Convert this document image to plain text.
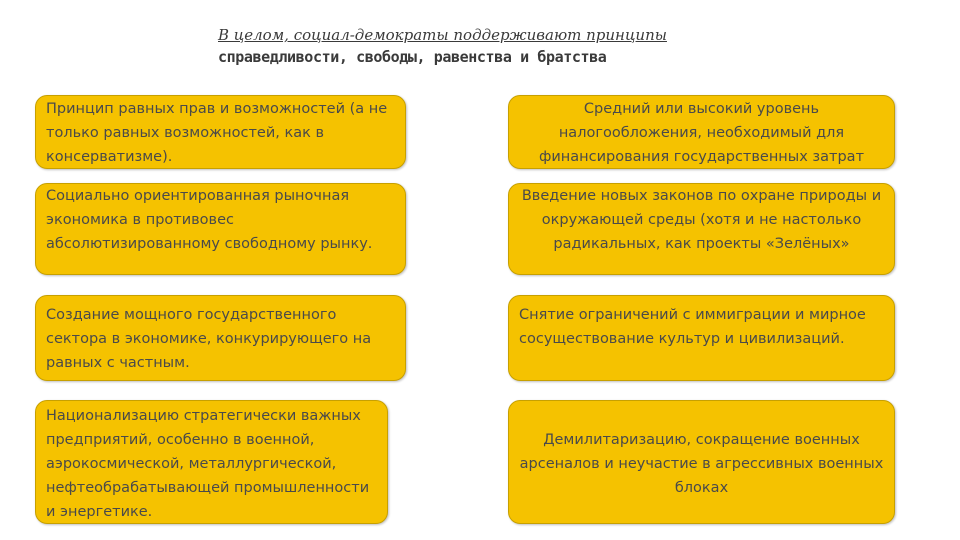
В целом, социал-демократы поддерживают принципы
справедливости, свободы, равенства и братства
Принцип равных прав и возможностей (а не только равных возможностей, как в консерватизме).
Средний или высокий уровень налогообложения, необходимый для финансирования государственных затрат
Социально ориентированная рыночная экономика в противовес абсолютизированному свободному рынку.
Введение новых законов по охране природы и окружающей среды (хотя и не настолько радикальных, как проекты «Зелёных»
Создание мощного государственного сектора в экономике, конкурирующего на равных с частным.
Снятие ограничений с иммиграции и мирное сосуществование культур и цивилизаций.
Национализацию стратегически важных предприятий, особенно в военной, аэрокосмической, металлургической, нефтеобрабатывающей промышленности и энергетике.
Демилитаризацию, сокращение военных арсеналов и неучастие в агрессивных военных блоках
